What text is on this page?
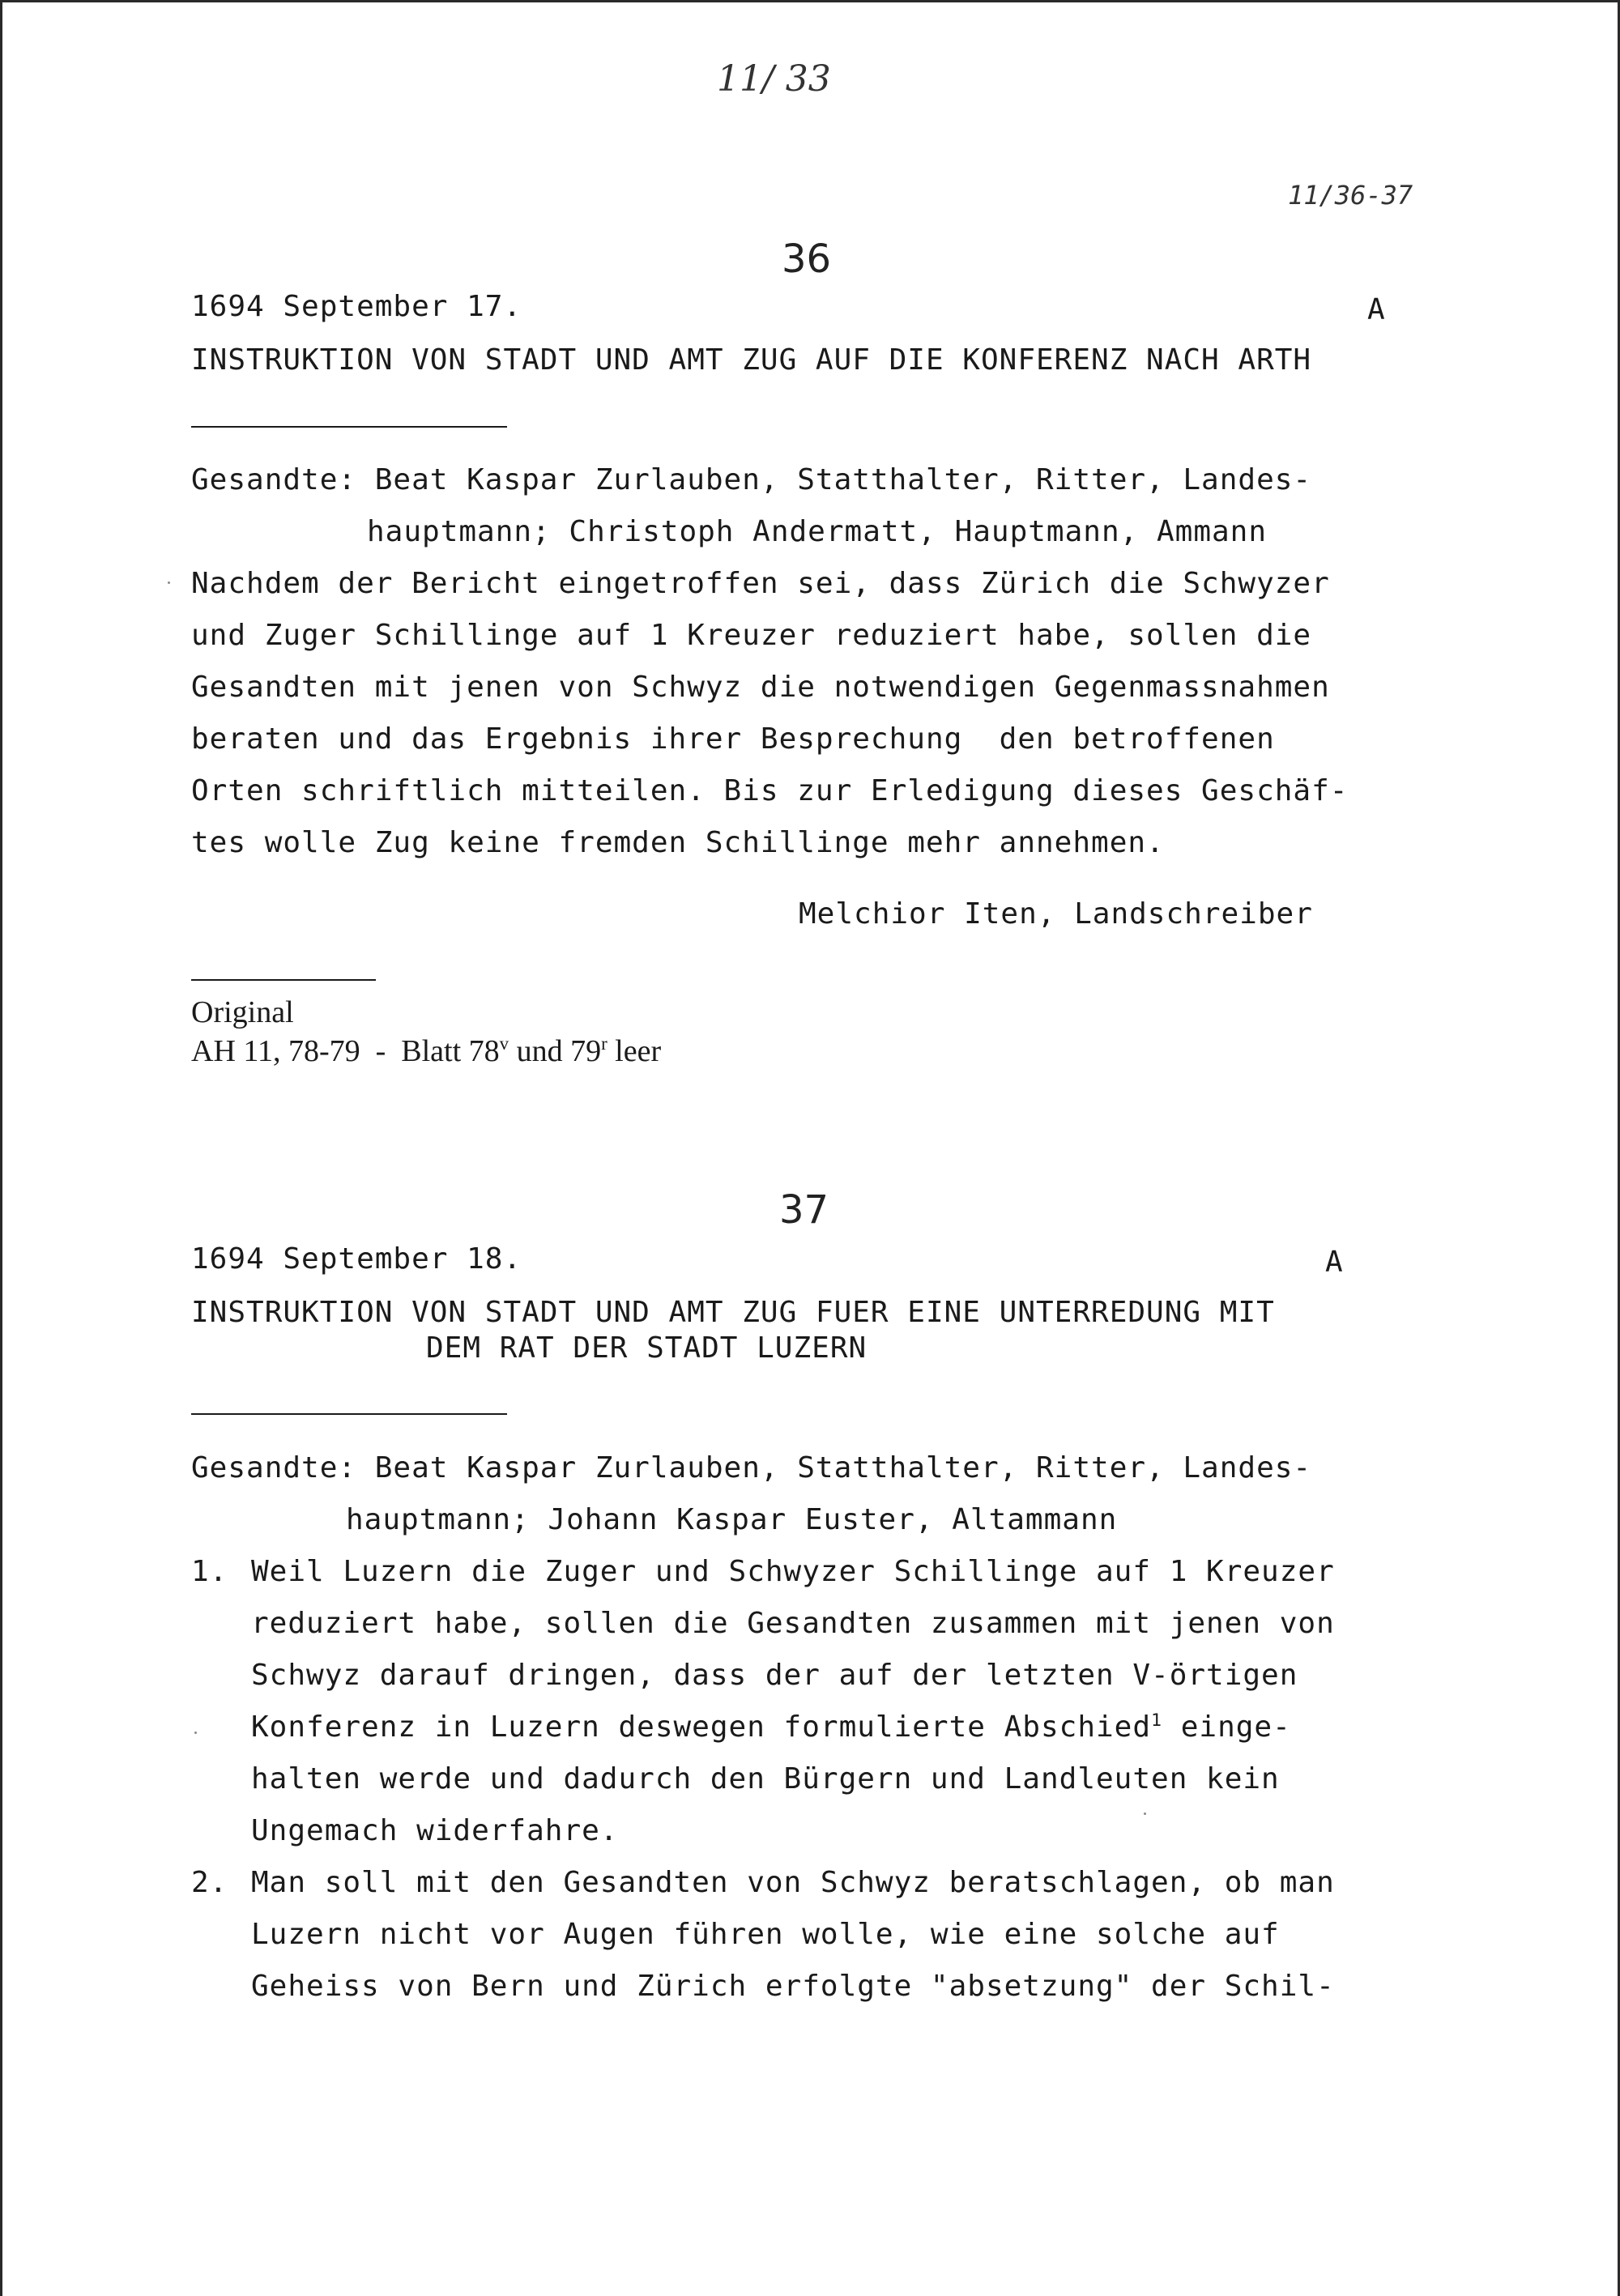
11/ 33
11/36-37
36
1694 September 17.	A
INSTRUKTION VON STADT UND AMT ZUG AUF DIE KONFERENZ NACH ARTH
Gesandte: Beat Kaspar Zurlauben, Statthalter, Ritter, Landes-
hauptmann; Christoph Andermatt, Hauptmann, Ammann
Nachdem der Bericht eingetroffen sei, dass Zürich die Schwyzer
und Zuger Schillinge auf 1 Kreuzer reduziert habe, sollen die
Gesandten mit jenen von Schwyz die notwendigen Gegenmassnahmen
beraten und das Ergebnis ihrer Besprechung  den betroffenen
Orten schriftlich mitteilen. Bis zur Erledigung dieses Geschäf-
tes wolle Zug keine fremden Schillinge mehr annehmen.
Melchior Iten, Landschreiber
Original
AH 11, 78-79  -  Blatt 78$^v$ und 79$^r$ leer
37
1694 September 18.	A
INSTRUKTION VON STADT UND AMT ZUG FUER EINE UNTERREDUNG MIT
DEM RAT DER STADT LUZERN
Gesandte: Beat Kaspar Zurlauben, Statthalter, Ritter, Landes-
hauptmann; Johann Kaspar Euster, Altammann
1. Weil Luzern die Zuger und Schwyzer Schillinge auf 1 Kreuzer
reduziert habe, sollen die Gesandten zusammen mit jenen von
Schwyz darauf dringen, dass der auf der letzten V-örtigen
Konferenz in Luzern deswegen formulierte Abschied$^1$ einge-
halten werde und dadurch den Bürgern und Landleuten kein
Ungemach widerfahre.
2. Man soll mit den Gesandten von Schwyz beratschlagen, ob man
Luzern nicht vor Augen führen wolle, wie eine solche auf
Geheiss von Bern und Zürich erfolgte "absetzung" der Schil-
